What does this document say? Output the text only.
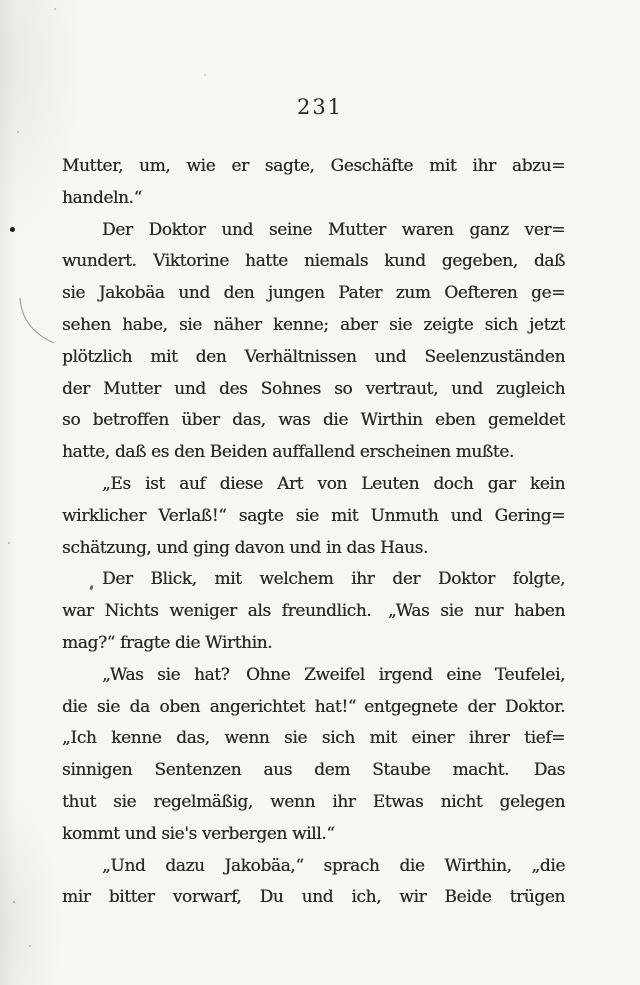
231
Mutter, um, wie er sagte, Geschäfte mit ihr abzu=
handeln.“
Der Doktor und seine Mutter waren ganz ver=
wundert. Viktorine hatte niemals kund gegeben, daß
sie Jakobäa und den jungen Pater zum Oefteren ge=
sehen habe, sie näher kenne; aber sie zeigte sich jetzt
plötzlich mit den Verhältnissen und Seelenzuständen
der Mutter und des Sohnes so vertraut, und zugleich
so betroffen über das, was die Wirthin eben gemeldet
hatte, daß es den Beiden auffallend erscheinen mußte.
„Es ist auf diese Art von Leuten doch gar kein
wirklicher Verlaß!“ sagte sie mit Unmuth und Gering=
schätzung, und ging davon und in das Haus.
Der Blick, mit welchem ihr der Doktor folgte,
war Nichts weniger als freundlich. „Was sie nur haben
mag?“ fragte die Wirthin.
„Was sie hat? Ohne Zweifel irgend eine Teufelei,
die sie da oben angerichtet hat!“ entgegnete der Doktor.
„Ich kenne das, wenn sie sich mit einer ihrer tief=
sinnigen Sentenzen aus dem Staube macht.  Das
thut sie regelmäßig, wenn ihr Etwas nicht gelegen
kommt und sie's verbergen will.“
„Und dazu Jakobäa,“ sprach die Wirthin, „die
mir bitter vorwarf, Du und ich, wir Beide trügen
